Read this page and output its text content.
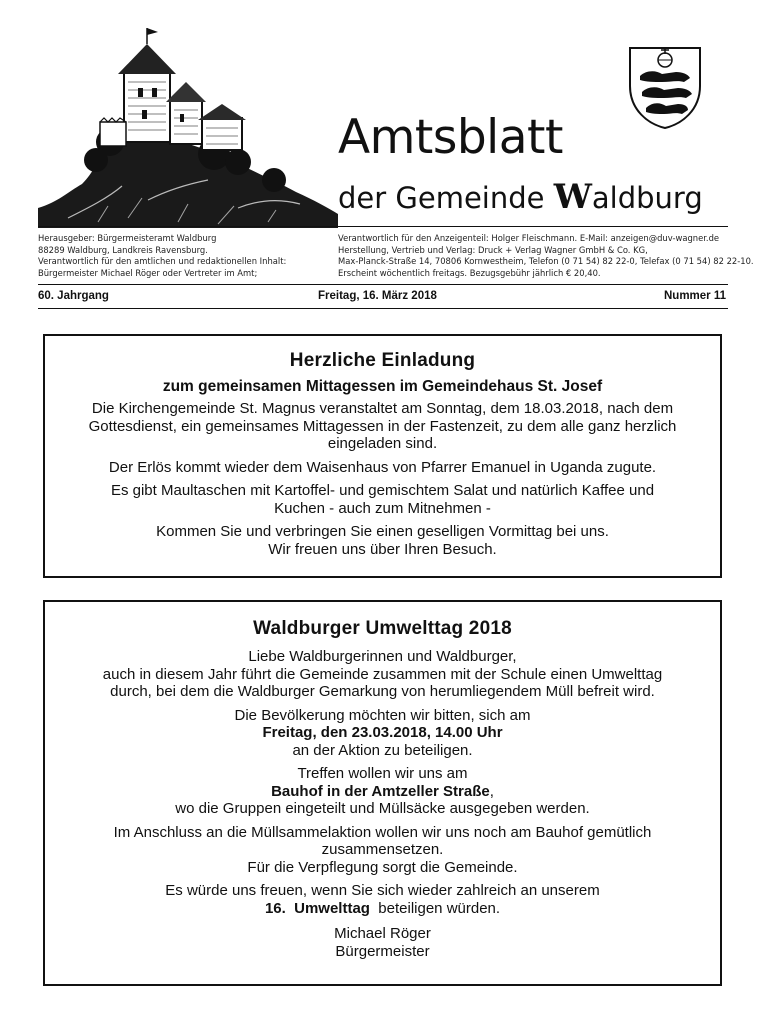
Amtsblatt
der Gemeinde Waldburg
Herausgeber: Bürgermeisteramt Waldburg
88289 Waldburg, Landkreis Ravensburg.
Verantwortlich für den amtlichen und redaktionellen Inhalt:
Bürgermeister Michael Röger oder Vertreter im Amt;
Verantwortlich für den Anzeigenteil: Holger Fleischmann. E-Mail: anzeigen@duv-wagner.de
Herstellung, Vertrieb und Verlag: Druck + Verlag Wagner GmbH & Co. KG,
Max-Planck-Straße 14, 70806 Kornwestheim, Telefon (0 71 54) 82 22-0, Telefax (0 71 54) 82 22-10.
Erscheint wöchentlich freitags. Bezugsgebühr jährlich € 20,40.
60. Jahrgang	Freitag, 16. März 2018	Nummer 11
Herzliche Einladung
zum gemeinsamen Mittagessen im Gemeindehaus St. Josef
Die Kirchengemeinde St. Magnus veranstaltet am Sonntag, dem 18.03.2018, nach dem
Gottesdienst, ein gemeinsames Mittagessen in der Fastenzeit, zu dem alle ganz herzlich
eingeladen sind.
Der Erlös kommt wieder dem Waisenhaus von Pfarrer Emanuel in Uganda zugute.
Es gibt Maultaschen mit Kartoffel- und gemischtem Salat und natürlich Kaffee und
Kuchen - auch zum Mitnehmen -
Kommen Sie und verbringen Sie einen geselligen Vormittag bei uns.
Wir freuen uns über Ihren Besuch.
Waldburger Umwelttag 2018
Liebe Waldburgerinnen und Waldburger,
auch in diesem Jahr führt die Gemeinde zusammen mit der Schule einen Umwelttag
durch, bei dem die Waldburger Gemarkung von herumliegendem Müll befreit wird.
Die Bevölkerung möchten wir bitten, sich am
Freitag, den 23.03.2018, 14.00 Uhr
an der Aktion zu beteiligen.
Treffen wollen wir uns am
Bauhof in der Amtzeller Straße,
wo die Gruppen eingeteilt und Müllsäcke ausgegeben werden.
Im Anschluss an die Müllsammelaktion wollen wir uns noch am Bauhof gemütlich
zusammensetzen.
Für die Verpflegung sorgt die Gemeinde.
Es würde uns freuen, wenn Sie sich wieder zahlreich an unserem
16.  Umwelttag  beteiligen würden.
Michael Röger
Bürgermeister
